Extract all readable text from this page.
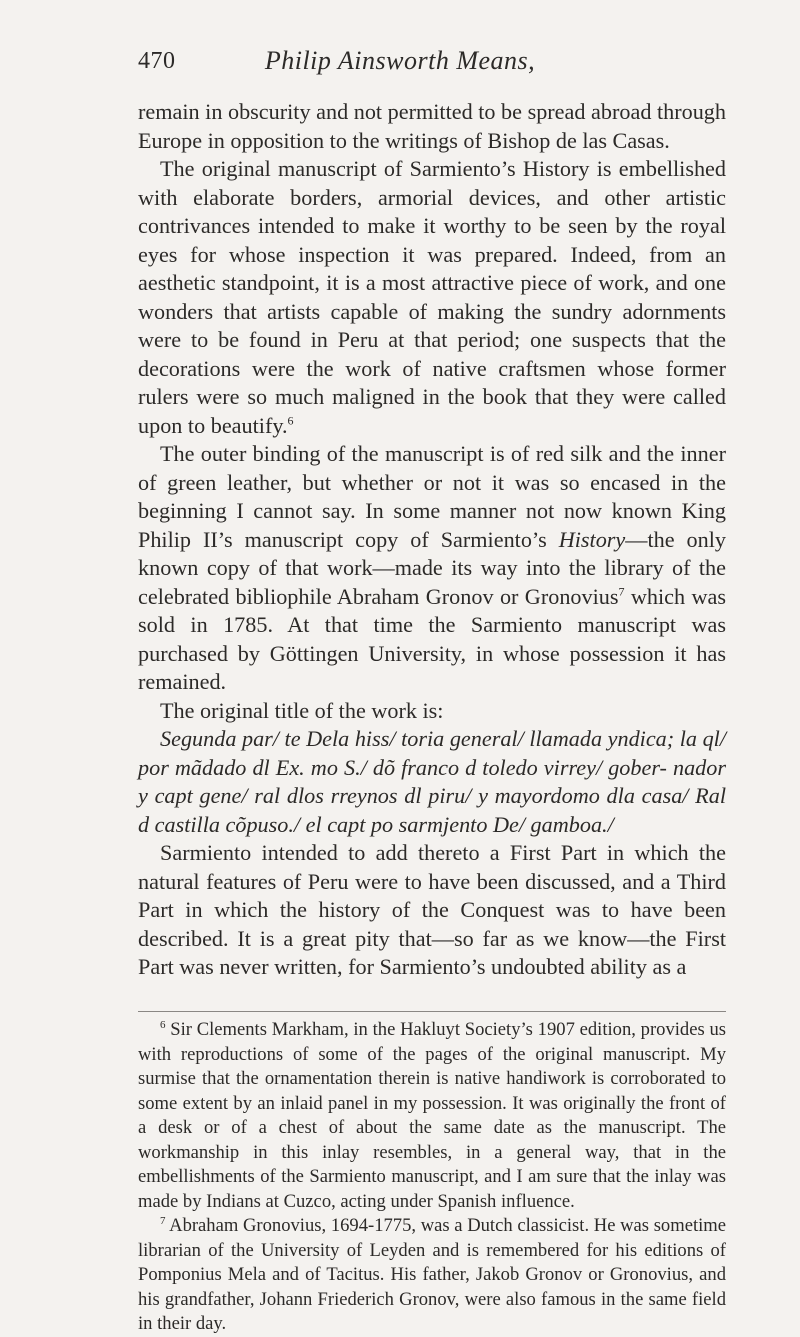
470	Philip Ainsworth Means,

remain in obscurity and not permitted to be spread abroad through Europe in opposition to the writings of Bishop de las Casas.

The original manuscript of Sarmiento’s History is embellished with elaborate borders, armorial devices, and other artistic contrivances intended to make it worthy to be seen by the royal eyes for whose inspection it was prepared. Indeed, from an aesthetic standpoint, it is a most attractive piece of work, and one wonders that artists capable of making the sundry adornments were to be found in Peru at that period; one suspects that the decorations were the work of native craftsmen whose former rulers were so much maligned in the book that they were called upon to beautify.$^6$

The outer binding of the manuscript is of red silk and the inner of green leather, but whether or not it was so encased in the beginning I cannot say. In some manner not now known King Philip II’s manuscript copy of Sarmiento’s History—the only known copy of that work—made its way into the library of the celebrated bibliophile Abraham Gronov or Gronovius$^7$ which was sold in 1785. At that time the Sarmiento manuscript was purchased by Göttingen University, in whose possession it has remained.

The original title of the work is:

Segunda par/ te Dela hiss/ toria general/ llamada yndica; la ql/ por mãdado dl Ex. mo S./ dõ franco d toledo virrey/ gober- nador y capt gene/ ral dlos rreynos dl piru/ y mayordomo dla casa/ Ral d castilla cõpuso./ el capt po sarmjento De/ gamboa./

Sarmiento intended to add thereto a First Part in which the natural features of Peru were to have been discussed, and a Third Part in which the history of the Conquest was to have been described. It is a great pity that—so far as we know—the First Part was never written, for Sarmiento’s undoubted ability as a

$^6$ Sir Clements Markham, in the Hakluyt Society’s 1907 edition, provides us with reproductions of some of the pages of the original manuscript. My surmise that the ornamentation therein is native handiwork is corroborated to some extent by an inlaid panel in my possession. It was originally the front of a desk or of a chest of about the same date as the manuscript. The workmanship in this inlay resembles, in a general way, that in the embellishments of the Sarmiento manuscript, and I am sure that the inlay was made by Indians at Cuzco, acting under Spanish influence.

$^7$ Abraham Gronovius, 1694-1775, was a Dutch classicist. He was sometime librarian of the University of Leyden and is remembered for his editions of Pomponius Mela and of Tacitus. His father, Jakob Gronov or Gronovius, and his grandfather, Johann Friederich Gronov, were also famous in the same field in their day.
